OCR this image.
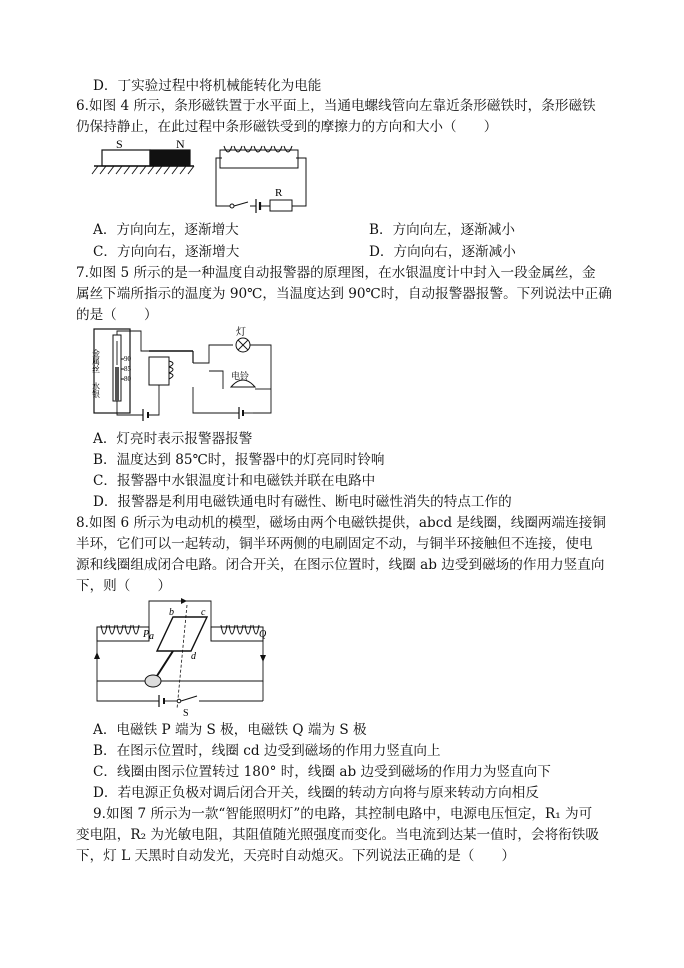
D．丁实验过程中将机械能转化为电能
6.如图 4 所示，条形磁铁置于水平面上，当通电螺线管向左靠近条形磁铁时，条形磁铁
仍保持静止，在此过程中条形磁铁受到的摩擦力的方向和大小（　　）
S	N
R
A．方向向左，逐渐增大	B．方向向左，逐渐减小
C．方向向右，逐渐增大	D．方向向右，逐渐减小
7.如图 5 所示的是一种温度自动报警器的原理图，在水银温度计中封入一段金属丝，金
属丝下端所指示的温度为 90℃，当温度达到 90℃时，自动报警器报警。下列说法中正确
的是（　　）
金属丝
水银
90
85
80
灯
电铃
A．灯亮时表示报警器报警
B．温度达到 85℃时，报警器中的灯亮同时铃响
C．报警器中水银温度计和电磁铁并联在电路中
D．报警器是利用电磁铁通电时有磁性、断电时磁性消失的特点工作的
8.如图 6 所示为电动机的模型，磁场由两个电磁铁提供，abcd 是线圈，线圈两端连接铜
半环，它们可以一起转动，铜半环两侧的电刷固定不动，与铜半环接触但不连接，使电
源和线圈组成闭合电路。闭合开关，在图示位置时，线圈 ab 边受到磁场的作用力竖直向
下，则（　　）
P	Q
a
b	c
d
S
A．电磁铁 P 端为 S 极，电磁铁 Q 端为 S 极
B．在图示位置时，线圈 cd 边受到磁场的作用力竖直向上
C．线圈由图示位置转过 180° 时，线圈 ab 边受到磁场的作用力为竖直向下
D．若电源正负极对调后闭合开关，线圈的转动方向将与原来转动方向相反
9.如图 7 所示为一款“智能照明灯”的电路，其控制电路中，电源电压恒定，R₁ 为可
变电阻，R₂ 为光敏电阻，其阻值随光照强度而变化。当电流到达某一值时，会将衔铁吸
下，灯 L 天黑时自动发光，天亮时自动熄灭。下列说法正确的是（　　）
